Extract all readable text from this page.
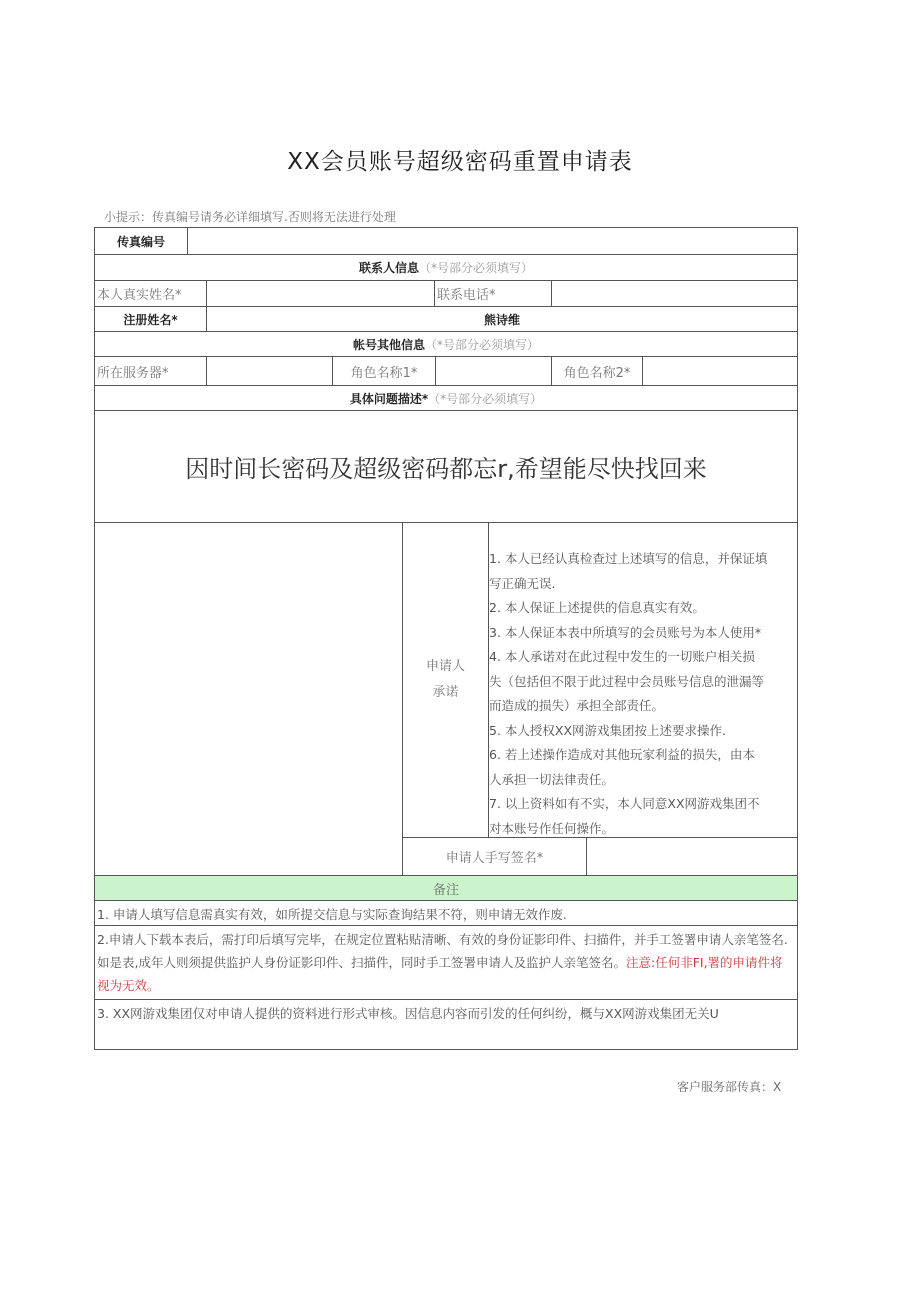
XX会员账号超级密码重置申请表
小提示：传真编号请务必详细填写.否则将无法进行处理
传真编号
联系人信息 （*号部分必须填写）
本人真实姓名*	联系电话*
注册姓名*	熊诗维
帐号其他信息 （*号部分必须填写）
所在服务器*	角色名称1*	角色名称2*
具体问题描述* （*号部分必须填写）
因时间长密码及超级密码都忘r,希望能尽快找回来
申请人
承诺
1. 本人已经认真检查过上述填写的信息，并保证填
写正确无误.
2. 本人保证上述提供的信息真实有效。
3. 本人保证本表中所填写的会员账号为本人使用*
4. 本人承诺对在此过程中发生的一切账户相关损
失（包括但不限于此过程中会员账号信息的泄漏等
而造成的损失）承担全部责任。
5. 本人授权XX网游戏集团按上述要求操作.
6. 若上述操作造成对其他玩家利益的损失，由本
人承担一切法律责任。
7. 以上资料如有不实，本人同意XX网游戏集团不
对本账号作任何操作。
申请人手写签名*
备注
1. 申请人填写信息需真实有效，如所提交信息与实际查询结果不符，则申请无效作废.
2.申请人下载本表后，需打印后填写完毕，在规定位置粘贴清晰、有效的身份证影印件、扫描件，并手工签署申请人亲笔签名.如是表,成年人则须提供监护人身份证影印件、扫描件，同时手工签署申请人及监护人亲笔签名。注意:任何非FI,署的申请件将视为无效。
3. XX网游戏集团仅对申请人提供的资料进行形式审核。因信息内容而引发的任何纠纷，概与XX网游戏集团无关U
客户服务部传真：X
